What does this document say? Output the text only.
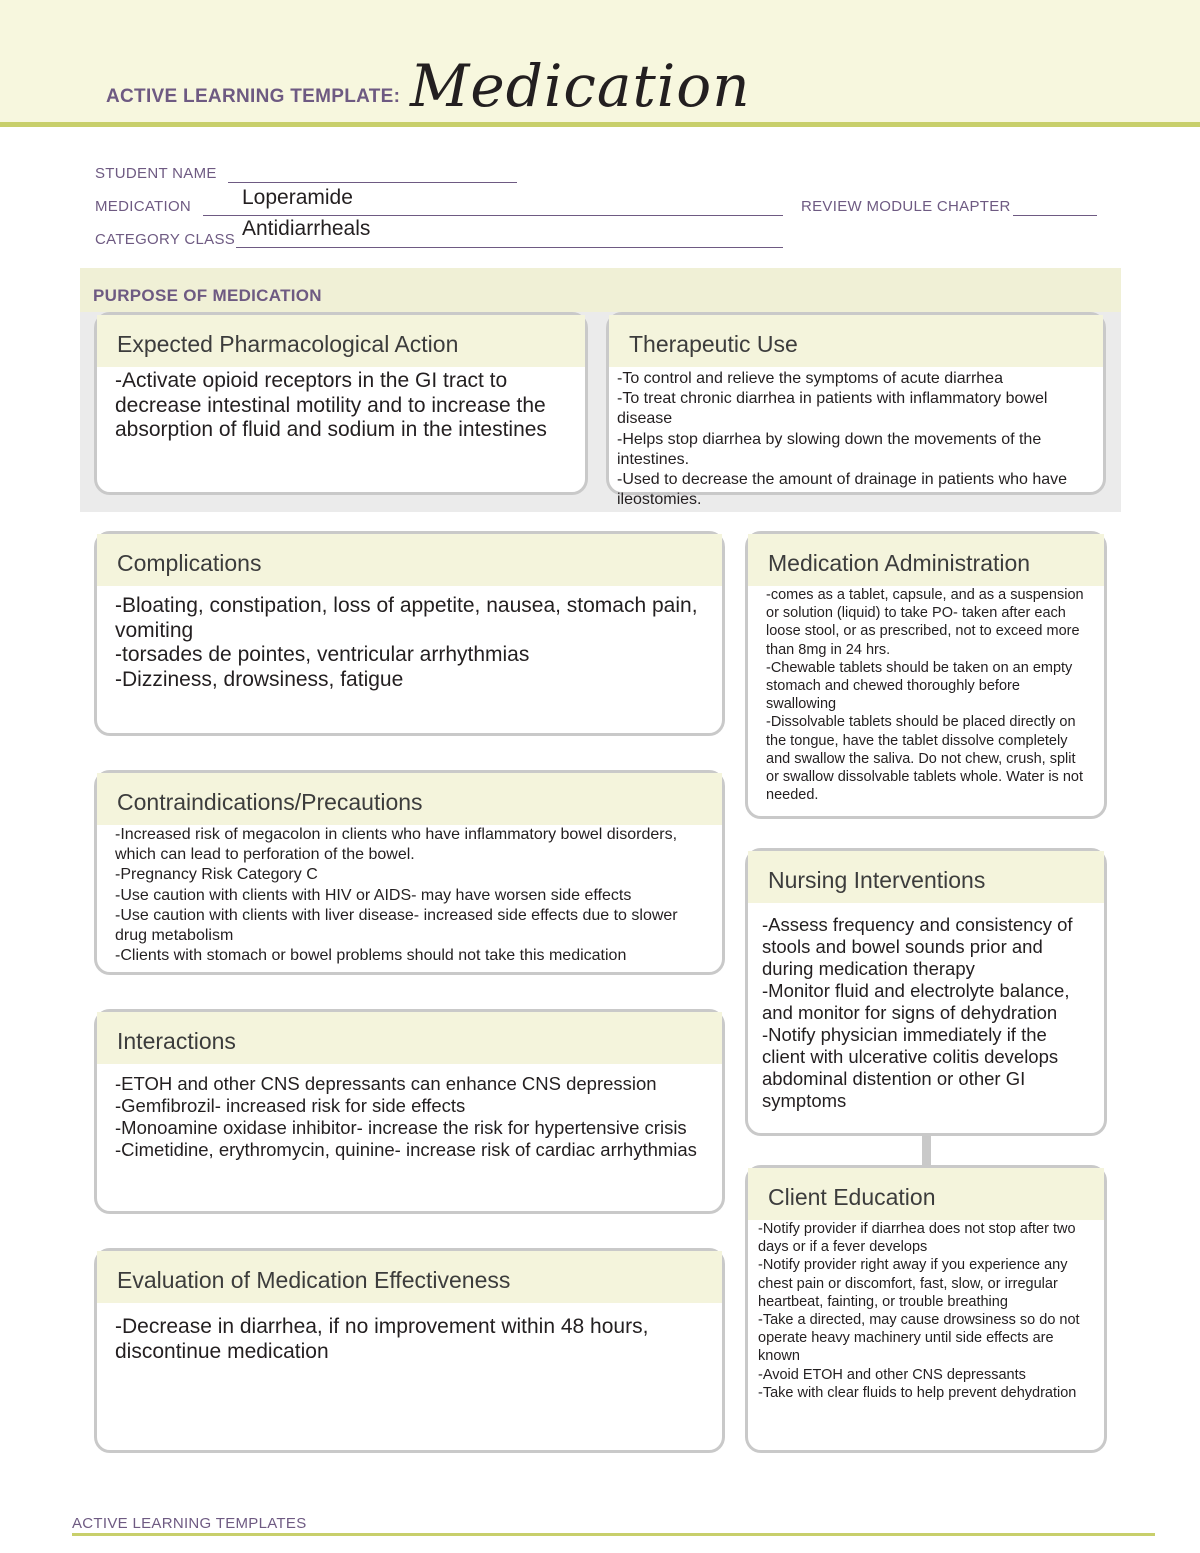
ACTIVE LEARNING TEMPLATE: Medication
STUDENT NAME
MEDICATION Loperamide	REVIEW MODULE CHAPTER
CATEGORY CLASS Antidiarrheals
PURPOSE OF MEDICATION
Expected Pharmacological Action
-Activate opioid receptors in the GI tract to decrease intestinal motility and to increase the absorption of fluid and sodium in the intestines
Therapeutic Use
-To control and relieve the symptoms of acute diarrhea
-To treat chronic diarrhea in patients with inflammatory bowel disease
-Helps stop diarrhea by slowing down the movements of the intestines.
-Used to decrease the amount of drainage in patients who have ileostomies.
Complications
-Bloating, constipation, loss of appetite, nausea, stomach pain, vomiting
-torsades de pointes, ventricular arrhythmias
-Dizziness, drowsiness, fatigue
Contraindications/Precautions
-Increased risk of megacolon in clients who have inflammatory bowel disorders, which can lead to perforation of the bowel.
-Pregnancy Risk Category C
-Use caution with clients with HIV or AIDS- may have worsen side effects
-Use caution with clients with liver disease- increased side effects due to slower drug metabolism
-Clients with stomach or bowel problems should not take this medication
Interactions
-ETOH and other CNS depressants can enhance CNS depression
-Gemfibrozil- increased risk for side effects
-Monoamine oxidase inhibitor- increase the risk for hypertensive crisis
-Cimetidine, erythromycin, quinine- increase risk of cardiac arrhythmias
Evaluation of Medication Effectiveness
-Decrease in diarrhea, if no improvement within 48 hours, discontinue medication
Medication Administration
-comes as a tablet, capsule, and as a suspension or solution (liquid) to take PO- taken after each loose stool, or as prescribed, not to exceed more than 8mg in 24 hrs.
-Chewable tablets should be taken on an empty stomach and chewed thoroughly before swallowing
-Dissolvable tablets should be placed directly on the tongue, have the tablet dissolve completely and swallow the saliva. Do not chew, crush, split or swallow dissolvable tablets whole. Water is not needed.
Nursing Interventions
-Assess frequency and consistency of stools and bowel sounds prior and during medication therapy
-Monitor fluid and electrolyte balance, and monitor for signs of dehydration
-Notify physician immediately if the client with ulcerative colitis develops abdominal distention or other GI symptoms
Client Education
-Notify provider if diarrhea does not stop after two days or if a fever develops
-Notify provider right away if you experience any chest pain or discomfort, fast, slow, or irregular heartbeat, fainting, or trouble breathing
-Take a directed, may cause drowsiness so do not operate heavy machinery until side effects are known
-Avoid ETOH and other CNS depressants
-Take with clear fluids to help prevent dehydration
ACTIVE LEARNING TEMPLATES
